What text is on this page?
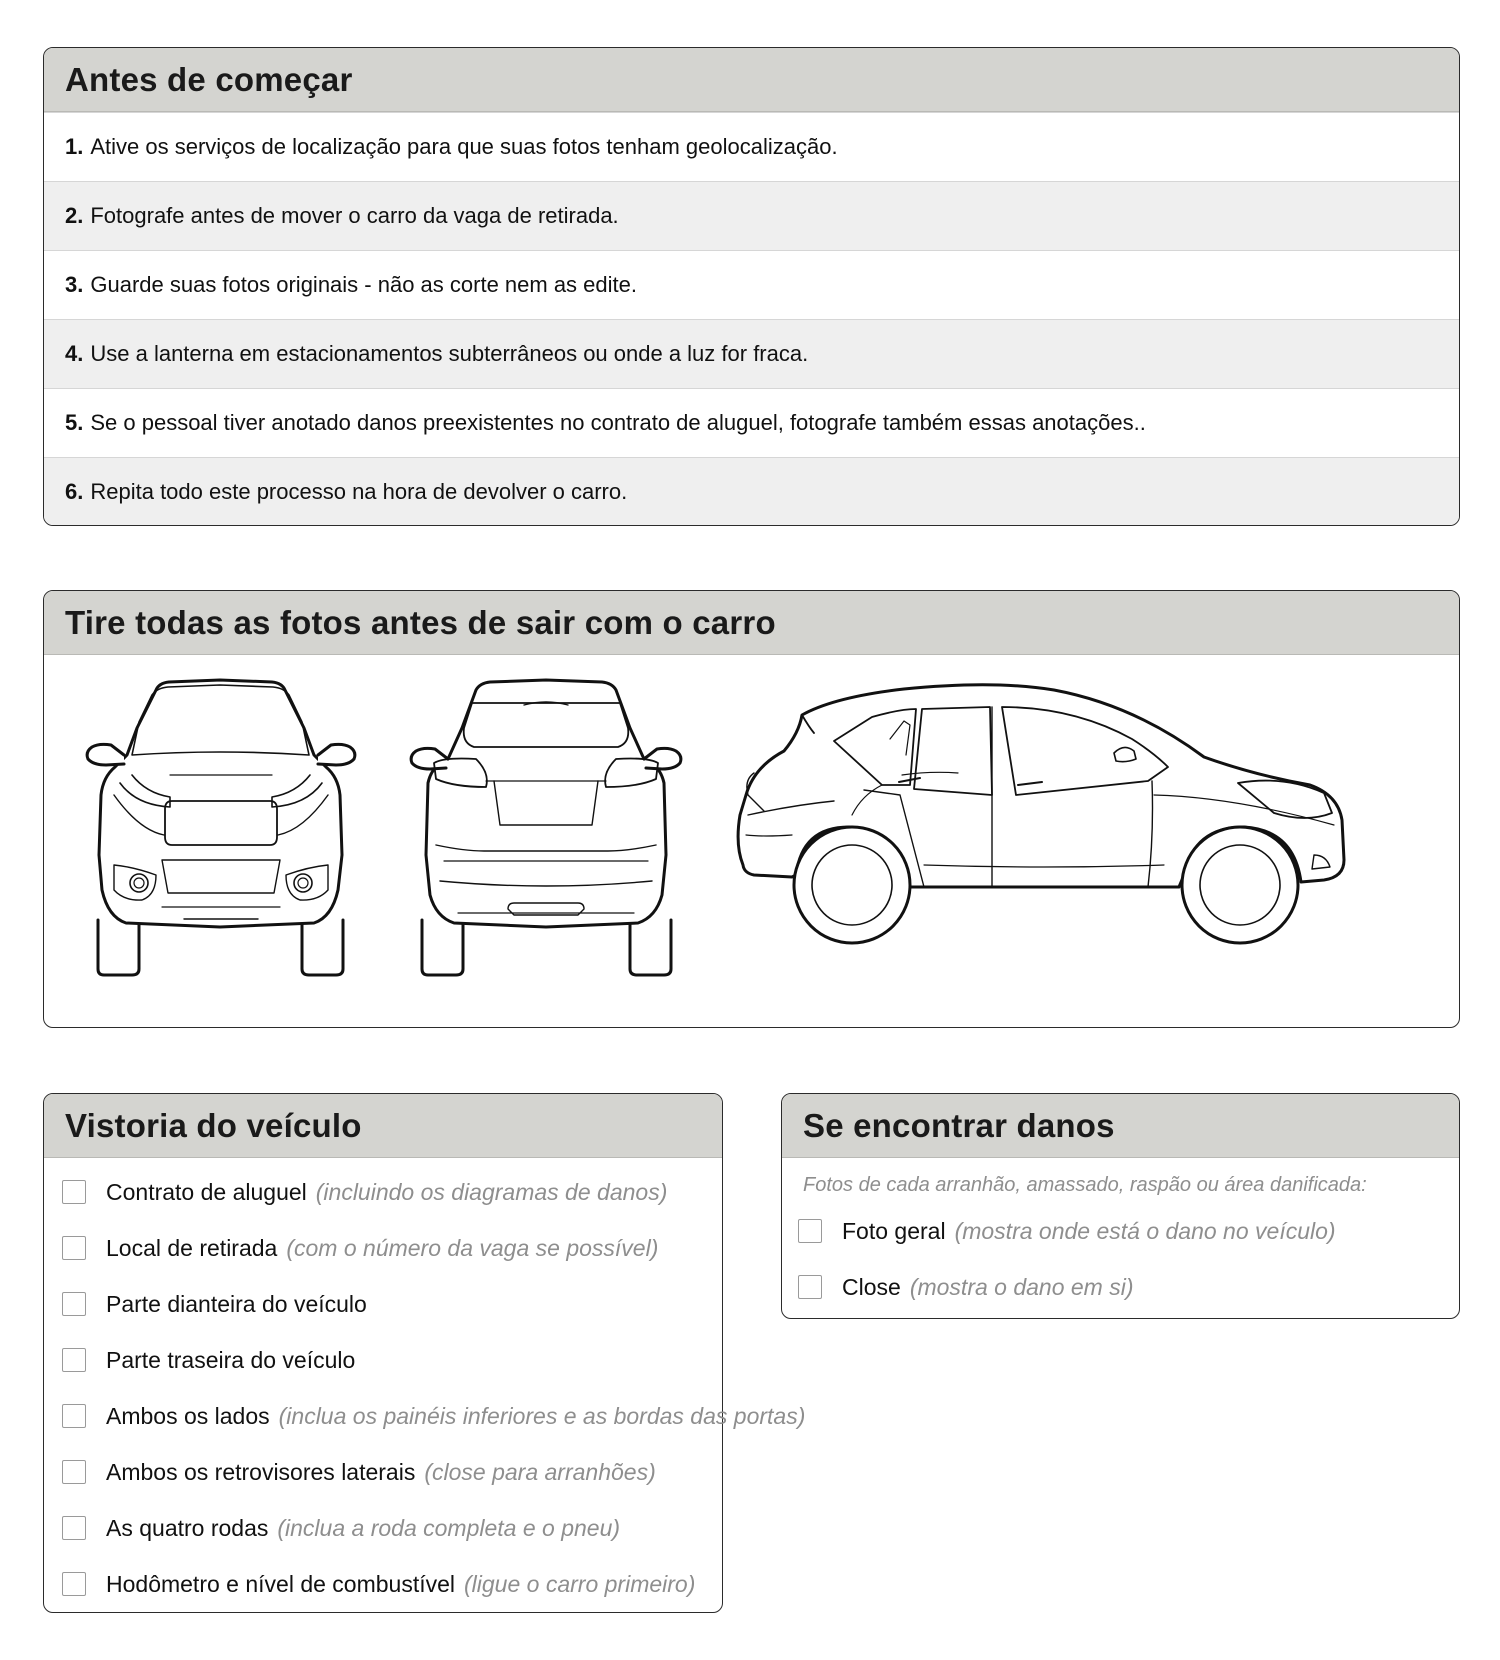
Antes de começar
1. Ative os serviços de localização para que suas fotos tenham geolocalização.
2. Fotografe antes de mover o carro da vaga de retirada.
3. Guarde suas fotos originais - não as corte nem as edite.
4. Use a lanterna em estacionamentos subterrâneos ou onde a luz for fraca.
5. Se o pessoal tiver anotado danos preexistentes no contrato de aluguel, fotografe também essas anotações..
6. Repita todo este processo na hora de devolver o carro.
Tire todas as fotos antes de sair com o carro
Vistoria do veículo
Contrato de aluguel (incluindo os diagramas de danos)
Local de retirada (com o número da vaga se possível)
Parte dianteira do veículo
Parte traseira do veículo
Ambos os lados (inclua os painéis inferiores e as bordas das portas)
Ambos os retrovisores laterais (close para arranhões)
As quatro rodas (inclua a roda completa e o pneu)
Hodômetro e nível de combustível (ligue o carro primeiro)
Se encontrar danos
Fotos de cada arranhão, amassado, raspão ou área danificada:
Foto geral (mostra onde está o dano no veículo)
Close (mostra o dano em si)
